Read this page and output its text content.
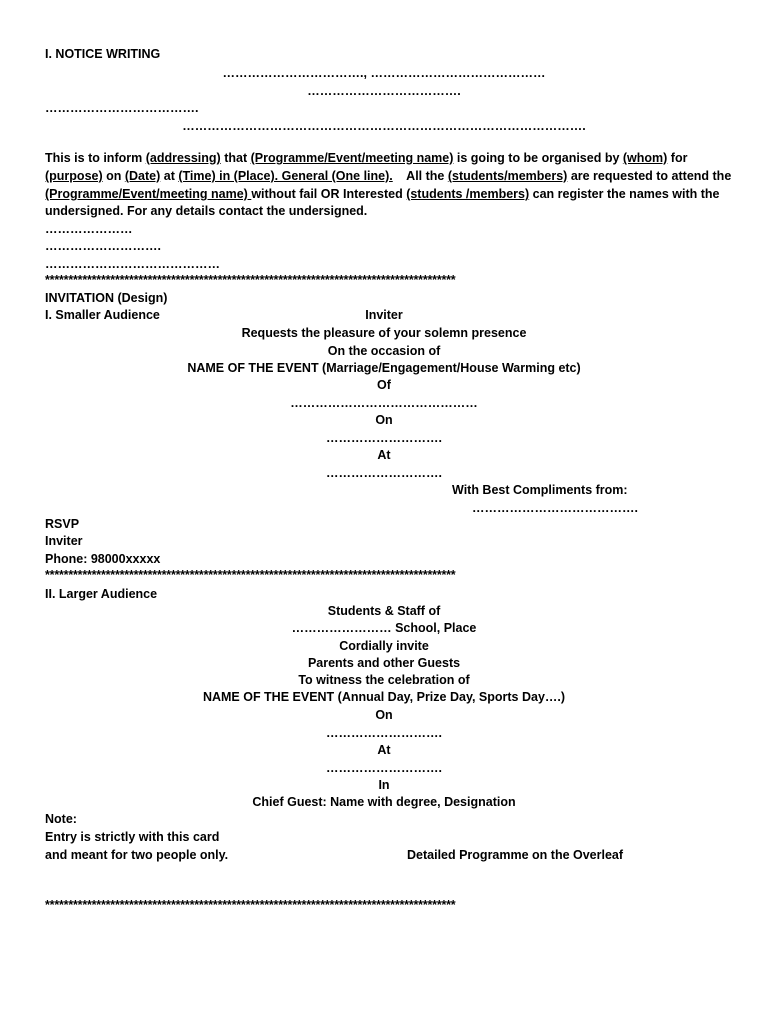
I. NOTICE WRITING
……………………………., ……………………………………
……………………………….
……………………………….
…………………………………………………………………………………….
This is to inform (addressing) that (Programme/Event/meeting name) is going to be organised by (whom) for
(purpose) on (Date) at (Time) in (Place). General (One line).    All the (students/members) are requested to attend the
(Programme/Event/meeting name) without fail OR Interested (students /members) can register the names with the
undersigned. For any details contact the undersigned.
…………………
……………………….
……………………………………
****************************************************************************************
INVITATION (Design)
I. Smaller Audience	Inviter
Requests the pleasure of your solemn presence
On the occasion of
NAME OF THE EVENT (Marriage/Engagement/House Warming etc)
Of
………………………………………
On
……………………….
At
……………………….
With Best Compliments from:
………………………………….
RSVP
Inviter
Phone: 98000xxxxx
****************************************************************************************
II. Larger Audience
Students & Staff of
…………………… School, Place
Cordially invite
Parents and other Guests
To witness the celebration of
NAME OF THE EVENT (Annual Day, Prize Day, Sports Day….)
On
……………………….
At
……………………….
In
Chief Guest: Name with degree, Designation
Note:
Entry is strictly with this card
and meant for two people only.	Detailed Programme on the Overleaf
****************************************************************************************
